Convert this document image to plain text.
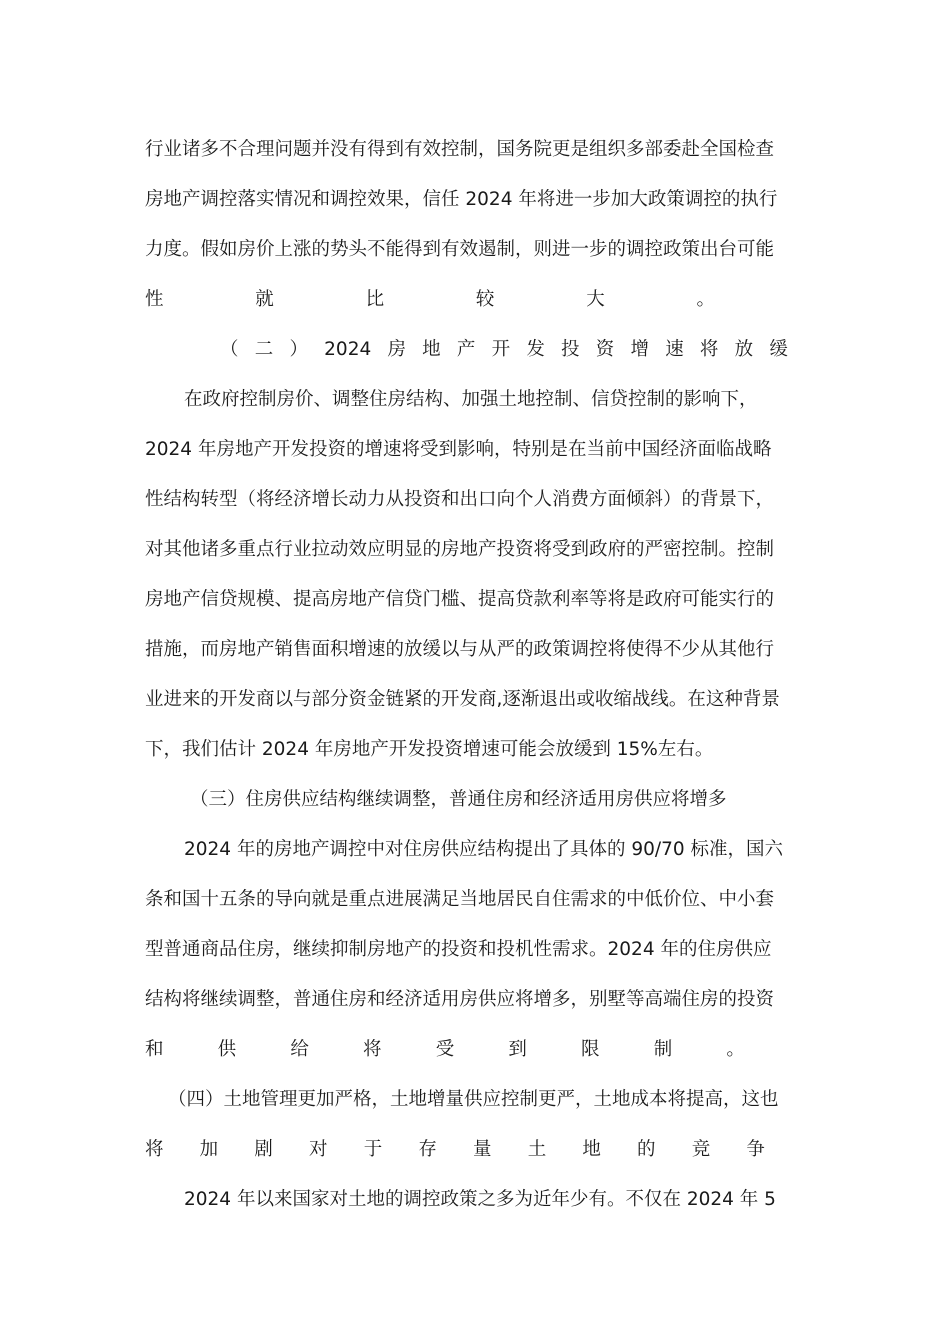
行业诸多不合理问题并没有得到有效控制，国务院更是组织多部委赴全国检查
房地产调控落实情况和调控效果，信任 2024 年将进一步加大政策调控的执行
力度。假如房价上涨的势头不能得到有效遏制，则进一步的调控政策出台可能
性	就	比	较	大	。
（ 二 ） 2024 房 地 产 开 发 投 资 增 速 将 放 缓
在政府控制房价、调整住房结构、加强土地控制、信贷控制的影响下，
2024 年房地产开发投资的增速将受到影响，特别是在当前中国经济面临战略
性结构转型（将经济增长动力从投资和出口向个人消费方面倾斜）的背景下，
对其他诸多重点行业拉动效应明显的房地产投资将受到政府的严密控制。控制
房地产信贷规模、提高房地产信贷门槛、提高贷款利率等将是政府可能实行的
措施，而房地产销售面积增速的放缓以与从严的政策调控将使得不少从其他行
业进来的开发商以与部分资金链紧的开发商,逐渐退出或收缩战线。在这种背景
下，我们估计 2024 年房地产开发投资增速可能会放缓到 15%左右。
（三）住房供应结构继续调整，普通住房和经济适用房供应将增多
2024 年的房地产调控中对住房供应结构提出了具体的 90/70 标准，国六
条和国十五条的导向就是重点进展满足当地居民自住需求的中低价位、中小套
型普通商品住房，继续抑制房地产的投资和投机性需求。2024 年的住房供应
结构将继续调整，普通住房和经济适用房供应将增多，别墅等高端住房的投资
和	供	给	将	受	到	限	制	。
（四）土地管理更加严格，土地增量供应控制更严，土地成本将提高，这也
将 加 剧 对 于 存 量 土 地 的 竞 争
2024 年以来国家对土地的调控政策之多为近年少有。不仅在 2024 年 5
